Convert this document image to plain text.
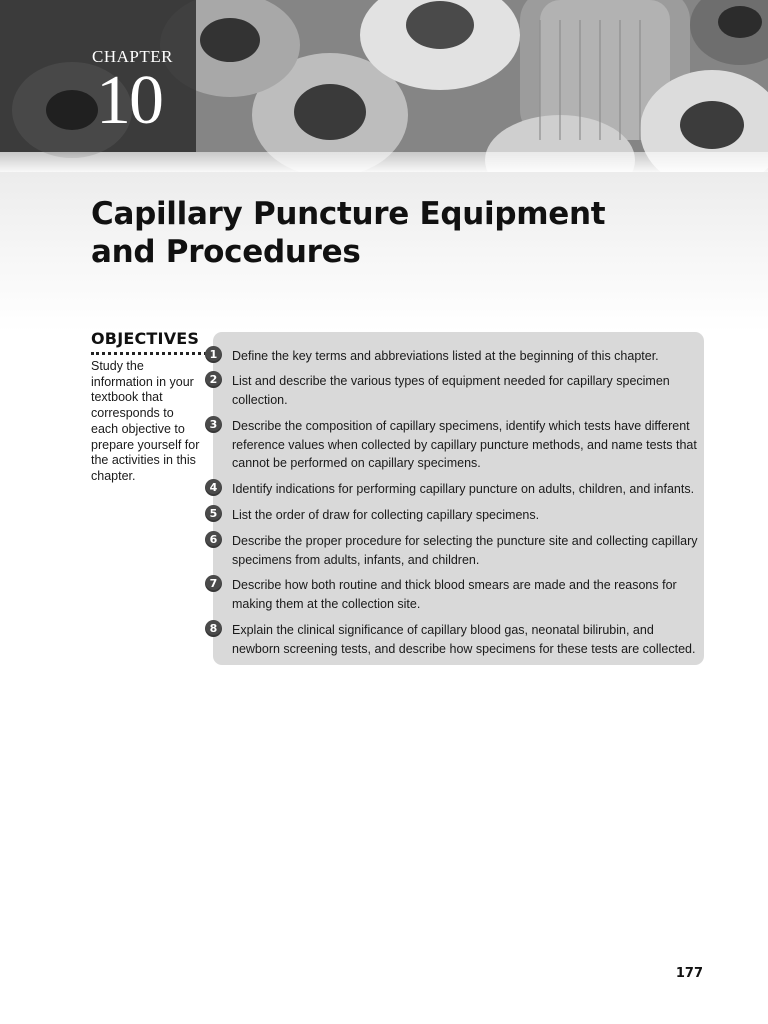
CHAPTER

10

Capillary Puncture Equipment and Procedures
OBJECTIVES

Study the information in your textbook that corresponds to each objective to prepare yourself for the activities in this chapter.

1	Define the key terms and abbreviations listed at the beginning of this chapter.

2	List and describe the various types of equipment needed for capillary specimen collection.

3	Describe the composition of capillary specimens, identify which tests have different reference values when collected by capillary puncture methods, and name tests that cannot be performed on capillary specimens.

4	Identify indications for performing capillary puncture on adults, children, and infants.

5	List the order of draw for collecting capillary specimens.

6	Describe the proper procedure for selecting the puncture site and collecting capillary specimens from adults, infants, and children.

7	Describe how both routine and thick blood smears are made and the reasons for making them at the collection site.

8	Explain the clinical significance of capillary blood gas, neonatal bilirubin, and newborn screening tests, and describe how specimens for these tests are collected.

177
